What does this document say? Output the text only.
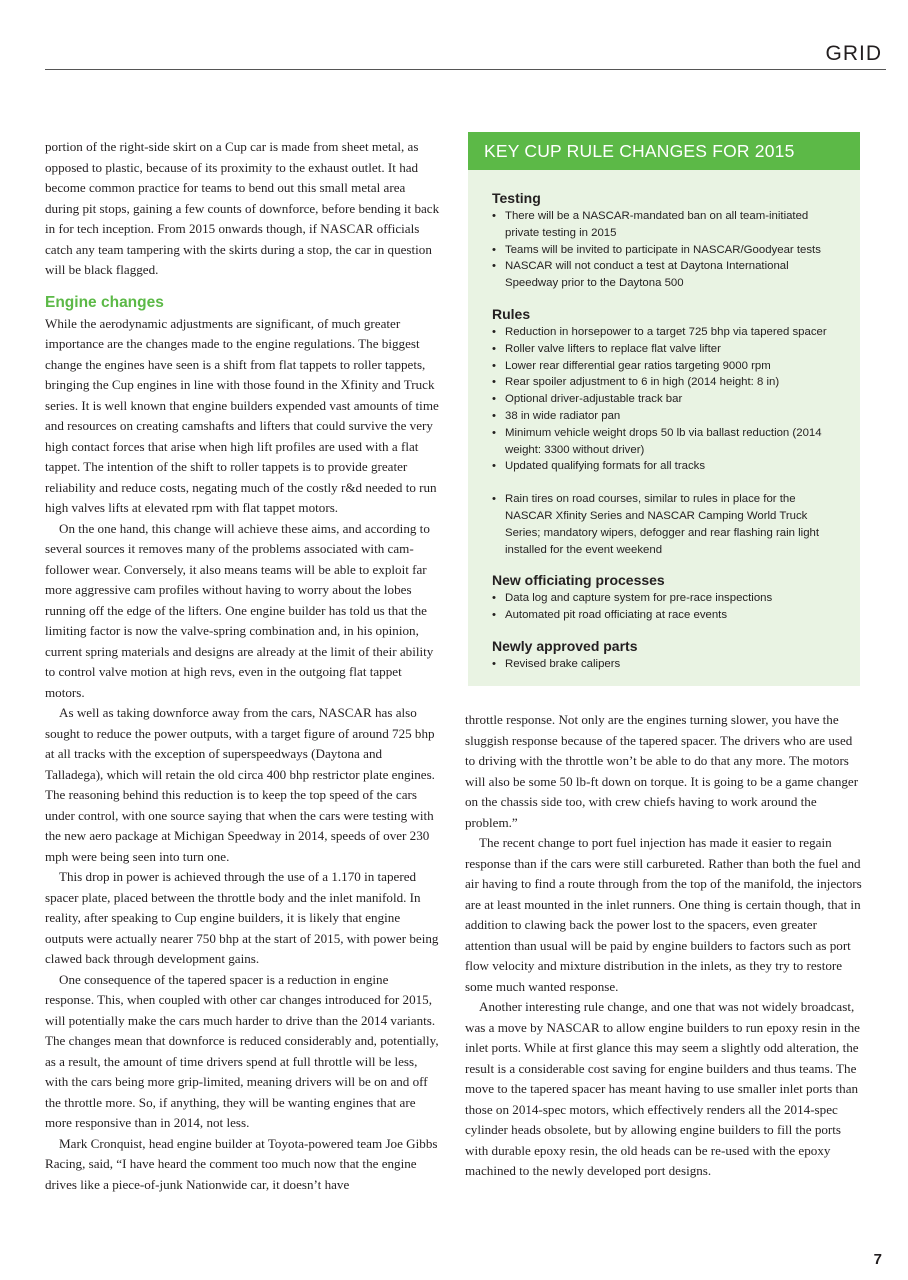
GRID

portion of the right-side skirt on a Cup car is made from sheet metal, as opposed to plastic, because of its proximity to the exhaust outlet. It had become common practice for teams to bend out this small metal area during pit stops, gaining a few counts of downforce, before bending it back in for tech inception. From 2015 onwards though, if NASCAR officials catch any team tampering with the skirts during a stop, the car in question will be black flagged.

Engine changes

While the aerodynamic adjustments are significant, of much greater importance are the changes made to the engine regulations. The biggest change the engines have seen is a shift from flat tappets to roller tappets, bringing the Cup engines in line with those found in the Xfinity and Truck series. It is well known that engine builders expended vast amounts of time and resources on creating camshafts and lifters that could survive the very high contact forces that arise when high lift profiles are used with a flat tappet. The intention of the shift to roller tappets is to provide greater reliability and reduce costs, negating much of the costly r&d needed to run high valves lifts at elevated rpm with flat tappet motors.

On the one hand, this change will achieve these aims, and according to several sources it removes many of the problems associated with cam-follower wear. Conversely, it also means teams will be able to exploit far more aggressive cam profiles without having to worry about the lobes running off the edge of the lifters. One engine builder has told us that the limiting factor is now the valve-spring combination and, in his opinion, current spring materials and designs are already at the limit of their ability to control valve motion at high revs, even in the outgoing flat tappet motors.

As well as taking downforce away from the cars, NASCAR has also sought to reduce the power outputs, with a target figure of around 725 bhp at all tracks with the exception of superspeedways (Daytona and Talladega), which will retain the old circa 400 bhp restrictor plate engines. The reasoning behind this reduction is to keep the top speed of the cars under control, with one source saying that when the cars were testing with the new aero package at Michigan Speedway in 2014, speeds of over 230 mph were being seen into turn one.

This drop in power is achieved through the use of a 1.170 in tapered spacer plate, placed between the throttle body and the inlet manifold. In reality, after speaking to Cup engine builders, it is likely that engine outputs were actually nearer 750 bhp at the start of 2015, with power being clawed back through development gains.

One consequence of the tapered spacer is a reduction in engine response. This, when coupled with other car changes introduced for 2015, will potentially make the cars much harder to drive than the 2014 variants. The changes mean that downforce is reduced considerably and, potentially, as a result, the amount of time drivers spend at full throttle will be less, with the cars being more grip-limited, meaning drivers will be on and off the throttle more. So, if anything, they will be wanting engines that are more responsive than in 2014, not less.

Mark Cronquist, head engine builder at Toyota-powered team Joe Gibbs Racing, said, “I have heard the comment too much now that the engine drives like a piece-of-junk Nationwide car, it doesn’t have

KEY CUP RULE CHANGES FOR 2015
Testing
• There will be a NASCAR-mandated ban on all team-initiated private testing in 2015
• Teams will be invited to participate in NASCAR/Goodyear tests
• NASCAR will not conduct a test at Daytona International Speedway prior to the Daytona 500
Rules
• Reduction in horsepower to a target 725 bhp via tapered spacer
• Roller valve lifters to replace flat valve lifter
• Lower rear differential gear ratios targeting 9000 rpm
• Rear spoiler adjustment to 6 in high (2014 height: 8 in)
• Optional driver-adjustable track bar
• 38 in wide radiator pan
• Minimum vehicle weight drops 50 lb via ballast reduction (2014 weight: 3300 without driver)
• Updated qualifying formats for all tracks
• Rain tires on road courses, similar to rules in place for the NASCAR Xfinity Series and NASCAR Camping World Truck Series; mandatory wipers, defogger and rear flashing rain light installed for the event weekend
New officiating processes
• Data log and capture system for pre-race inspections
• Automated pit road officiating at race events
Newly approved parts
• Revised brake calipers

throttle response. Not only are the engines turning slower, you have the sluggish response because of the tapered spacer. The drivers who are used to driving with the throttle won’t be able to do that any more. The motors will also be some 50 lb-ft down on torque. It is going to be a game changer on the chassis side too, with crew chiefs having to work around the problem.”

The recent change to port fuel injection has made it easier to regain response than if the cars were still carbureted. Rather than both the fuel and air having to find a route through from the top of the manifold, the injectors are at least mounted in the inlet runners. One thing is certain though, that in addition to clawing back the power lost to the spacers, even greater attention than usual will be paid by engine builders to factors such as port flow velocity and mixture distribution in the inlets, as they try to restore some much wanted response.

Another interesting rule change, and one that was not widely broadcast, was a move by NASCAR to allow engine builders to run epoxy resin in the inlet ports. While at first glance this may seem a slightly odd alteration, the result is a considerable cost saving for engine builders and thus teams. The move to the tapered spacer has meant having to use smaller inlet ports than those on 2014-spec motors, which effectively renders all the 2014-spec cylinder heads obsolete, but by allowing engine builders to fill the ports with durable epoxy resin, the old heads can be re-used with the epoxy machined to the newly developed port designs.

7
